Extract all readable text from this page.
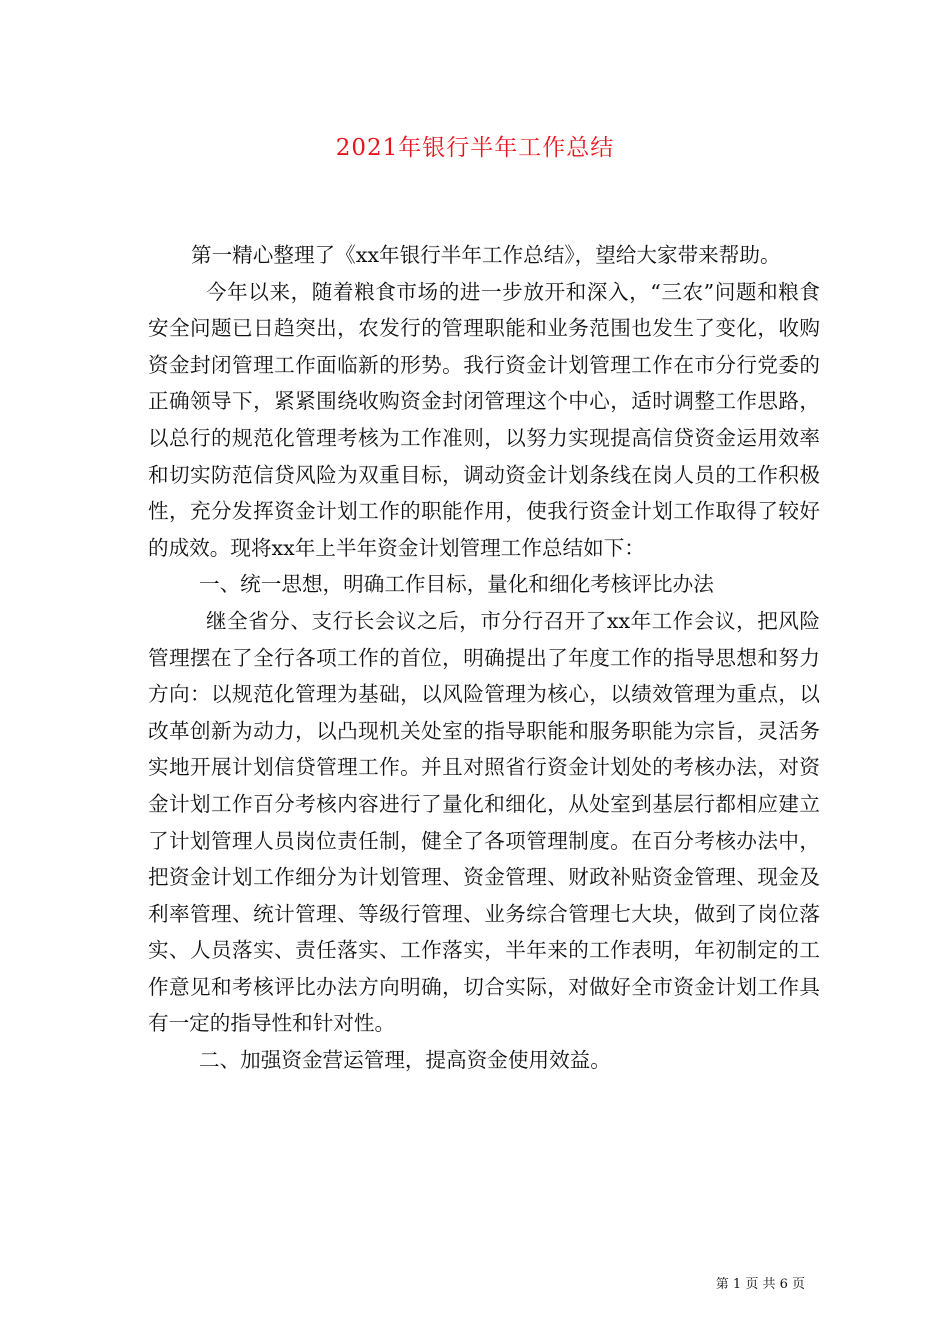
2021年银行半年工作总结

第一精心整理了《xx年银行半年工作总结》，望给大家带来帮助。

今年以来，随着粮食市场的进一步放开和深入，“三农”问题和粮食安全问题已日趋突出，农发行的管理职能和业务范围也发生了变化，收购资金封闭管理工作面临新的形势。我行资金计划管理工作在市分行党委的正确领导下，紧紧围绕收购资金封闭管理这个中心，适时调整工作思路，以总行的规范化管理考核为工作准则，以努力实现提高信贷资金运用效率和切实防范信贷风险为双重目标，调动资金计划条线在岗人员的工作积极性，充分发挥资金计划工作的职能作用，使我行资金计划工作取得了较好的成效。现将xx年上半年资金计划管理工作总结如下：

一、统一思想，明确工作目标，量化和细化考核评比办法

继全省分、支行长会议之后，市分行召开了xx年工作会议，把风险管理摆在了全行各项工作的首位，明确提出了年度工作的指导思想和努力方向：以规范化管理为基础，以风险管理为核心，以绩效管理为重点，以改革创新为动力，以凸现机关处室的指导职能和服务职能为宗旨，灵活务实地开展计划信贷管理工作。并且对照省行资金计划处的考核办法，对资金计划工作百分考核内容进行了量化和细化，从处室到基层行都相应建立了计划管理人员岗位责任制，健全了各项管理制度。在百分考核办法中，把资金计划工作细分为计划管理、资金管理、财政补贴资金管理、现金及利率管理、统计管理、等级行管理、业务综合管理七大块，做到了岗位落实、人员落实、责任落实、工作落实，半年来的工作表明，年初制定的工作意见和考核评比办法方向明确，切合实际，对做好全市资金计划工作具有一定的指导性和针对性。

二、加强资金营运管理，提高资金使用效益。

第 1 页 共 6 页
